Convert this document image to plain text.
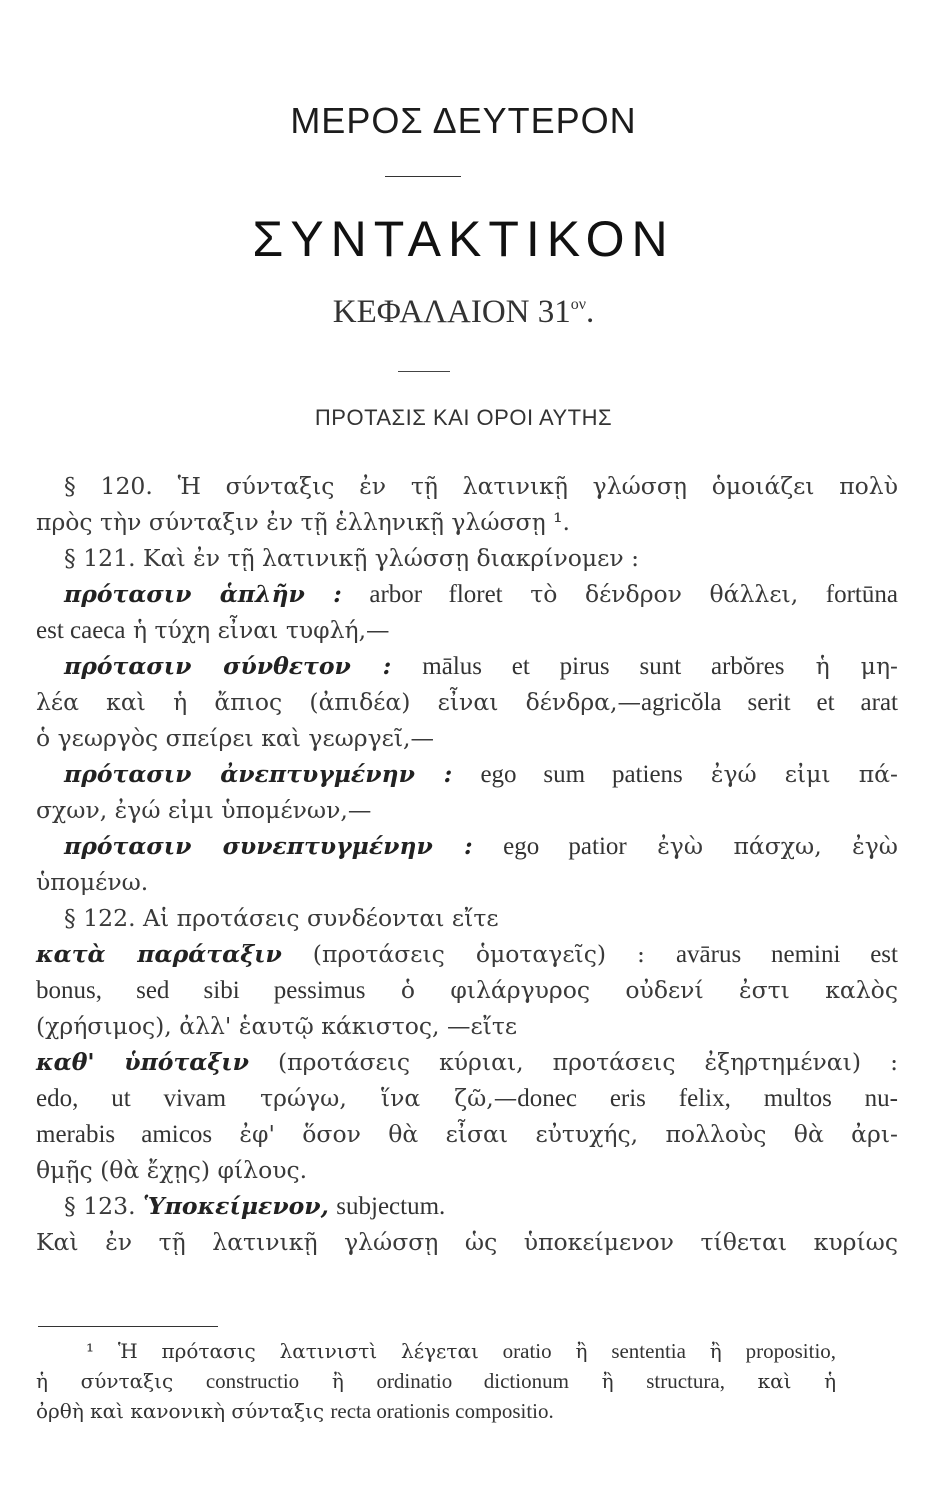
ΜΕΡΟΣ ΔΕΥΤΕΡΟΝ
ΣΥΝΤΑΚΤΙΚΟΝ
ΚΕΦΑΛΑΙΟΝ $31^{o\nu}$.
ΠΡΟΤΑΣΙΣ ΚΑΙ ΟΡΟΙ ΑΥΤΗΣ
§ 120. Ἡ σύνταξις ἐν τῇ λατινικῇ γλώσσῃ ὁμοιάζει πολὺ
πρὸς τὴν σύνταξιν ἐν τῇ ἑλληνικῇ γλώσσῃ ¹.
§ 121. Καὶ ἐν τῇ λατινικῇ γλώσσῃ διακρίνομεν :
πρότασιν ἁπλῆν : arbor floret τὸ δένδρον θάλλει, fortūna
est caeca ἡ τύχη εἶναι τυφλή,—
πρότασιν σύνθετον : mālus et pirus sunt arbŏres ἡ μη-
λέα καὶ ἡ ἄπιος (ἀπιδέα) εἶναι δένδρα,—agricŏla serit et arat
ὁ γεωργὸς σπείρει καὶ γεωργεῖ,—
πρότασιν ἀνεπτυγμένην : ego sum patiens ἐγώ εἰμι πά-
σχων, ἐγώ εἰμι ὑπομένων,—
πρότασιν συνεπτυγμένην : ego patior ἐγὼ πάσχω, ἐγὼ
ὑπομένω.
§ 122. Αἱ προτάσεις συνδέονται εἴτε
κατὰ παράταξιν (προτάσεις ὁμοταγεῖς) : avārus nemini est
bonus, sed sibi pessimus ὁ φιλάργυρος οὐδενί ἐστι καλὸς
(χρήσιμος), ἀλλ' ἑαυτῷ κάκιστος, —εἴτε
καθ' ὑπόταξιν (προτάσεις κύριαι, προτάσεις ἐξηρτημέναι) :
edo, ut vivam τρώγω, ἵνα ζῶ,—donec eris felix, multos nu-
merabis amicos ἐφ' ὅσον θὰ εἶσαι εὐτυχής, πολλοὺς θὰ ἀρι-
θμῇς (θὰ ἔχῃς) φίλους.
§ 123. Ὑποκείμενον, subjectum.
Καὶ ἐν τῇ λατινικῇ γλώσσῃ ὡς ὑποκείμενον τίθεται κυρίως
¹ Ἡ πρότασις λατινιστὶ λέγεται oratio ἢ sententia ἢ propositio,
ἡ σύνταξις constructio ἢ ordinatio dictionum ἢ structura, καὶ ἡ
ὀρθὴ καὶ κανονικὴ σύνταξις recta orationis compositio.
